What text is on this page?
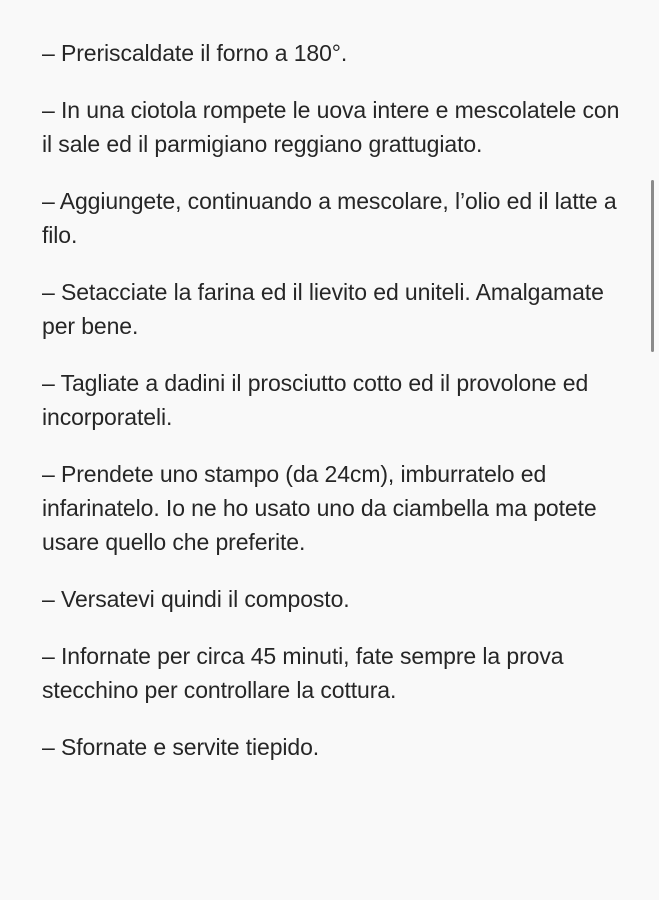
– Preriscaldate il forno a 180°.

– In una ciotola rompete le uova intere e mescolatele con il sale ed il parmigiano reggiano grattugiato.

– Aggiungete, continuando a mescolare, l’olio ed il latte a filo.

– Setacciate la farina ed il lievito ed uniteli. Amalgamate per bene.

– Tagliate a dadini il prosciutto cotto ed il provolone ed incorporateli.

– Prendete uno stampo (da 24cm), imburratelo ed infarinatelo. Io ne ho usato uno da ciambella ma potete usare quello che preferite.

– Versatevi quindi il composto.

– Infornate per circa 45 minuti, fate sempre la prova stecchino per controllare la cottura.

– Sfornate e servite tiepido.
